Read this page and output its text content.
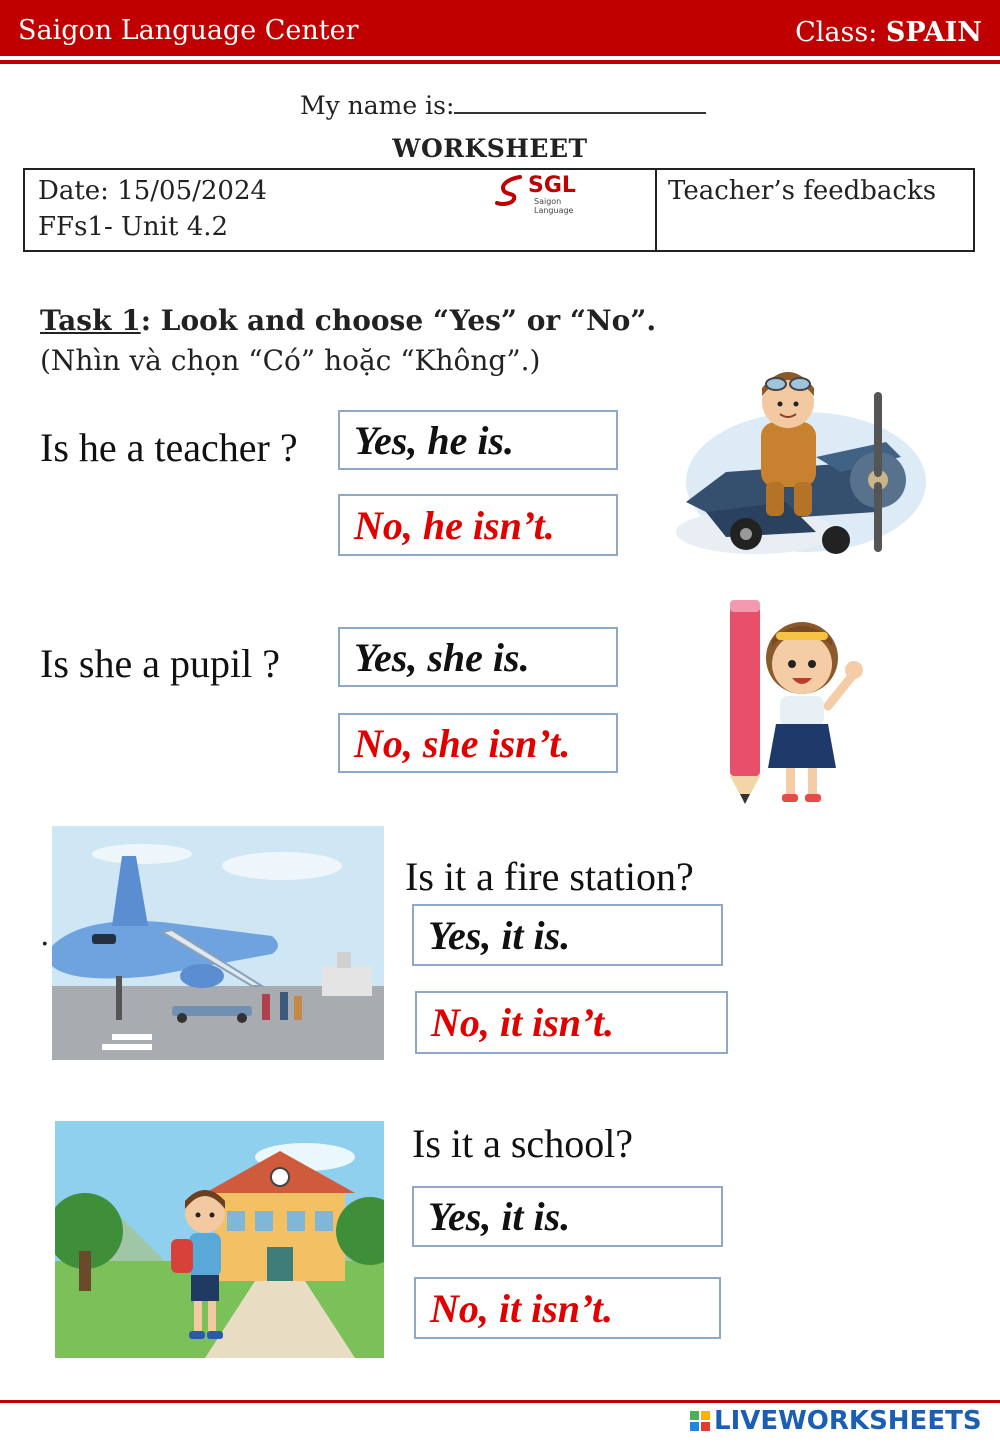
Saigon Language Center	Class: SPAIN
My name is:
WORKSHEET
Date: 15/05/2024
FFs1- Unit 4.2
Teacher’s feedbacks
SGL
Saigon Language
Task 1: Look and choose “Yes” or “No”.
(Nhìn và chọn “Có” hoặc “Không”.)
Is he a teacher ?	Yes, he is.
No, he isn’t.
Is she a pupil ?	Yes, she is.
No, she isn’t.
.
Is it a fire station?
Yes, it is.
No, it isn’t.
Is it a school?
Yes, it is.
No, it isn’t.
LIVEWORKSHEETS
